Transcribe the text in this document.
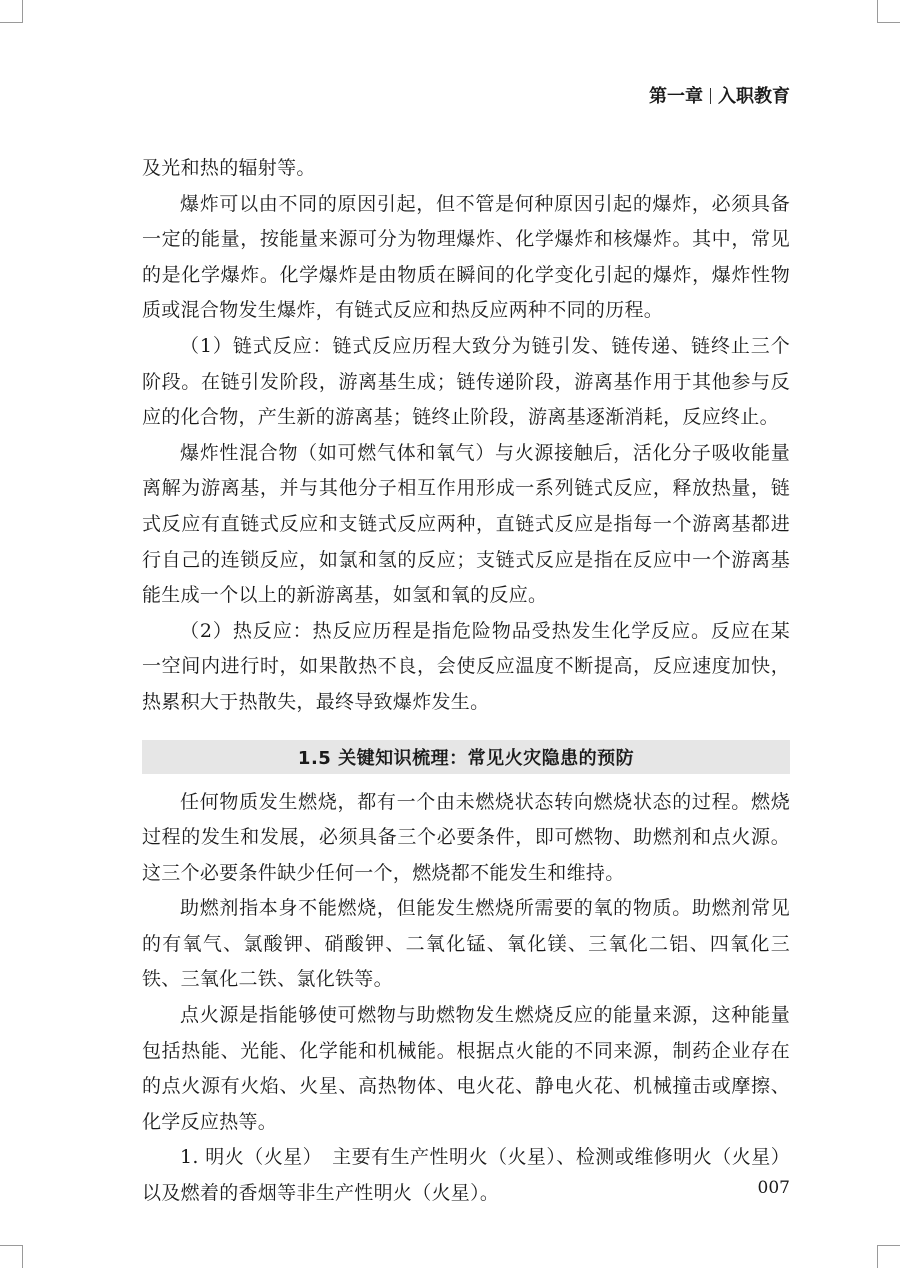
第一章 入职教育

及光和热的辐射等。

爆炸可以由不同的原因引起，但不管是何种原因引起的爆炸，必须具备一定的能量，按能量来源可分为物理爆炸、化学爆炸和核爆炸。其中，常见的是化学爆炸。化学爆炸是由物质在瞬间的化学变化引起的爆炸，爆炸性物质或混合物发生爆炸，有链式反应和热反应两种不同的历程。

（1）链式反应：链式反应历程大致分为链引发、链传递、链终止三个阶段。在链引发阶段，游离基生成；链传递阶段，游离基作用于其他参与反应的化合物，产生新的游离基；链终止阶段，游离基逐渐消耗，反应终止。

爆炸性混合物（如可燃气体和氧气）与火源接触后，活化分子吸收能量离解为游离基，并与其他分子相互作用形成一系列链式反应，释放热量，链式反应有直链式反应和支链式反应两种，直链式反应是指每一个游离基都进行自己的连锁反应，如氯和氢的反应；支链式反应是指在反应中一个游离基能生成一个以上的新游离基，如氢和氧的反应。

（2）热反应：热反应历程是指危险物品受热发生化学反应。反应在某一空间内进行时，如果散热不良，会使反应温度不断提高，反应速度加快，热累积大于热散失，最终导致爆炸发生。

1.5 关键知识梳理：常见火灾隐患的预防

任何物质发生燃烧，都有一个由未燃烧状态转向燃烧状态的过程。燃烧过程的发生和发展，必须具备三个必要条件，即可燃物、助燃剂和点火源。这三个必要条件缺少任何一个，燃烧都不能发生和维持。

助燃剂指本身不能燃烧，但能发生燃烧所需要的氧的物质。助燃剂常见的有氧气、氯酸钾、硝酸钾、二氧化锰、氧化镁、三氧化二铝、四氧化三铁、三氧化二铁、氯化铁等。

点火源是指能够使可燃物与助燃物发生燃烧反应的能量来源，这种能量包括热能、光能、化学能和机械能。根据点火能的不同来源，制药企业存在的点火源有火焰、火星、高热物体、电火花、静电火花、机械撞击或摩擦、化学反应热等。

1. 明火（火星）　主要有生产性明火（火星）、检测或维修明火（火星）以及燃着的香烟等非生产性明火（火星）。	007
